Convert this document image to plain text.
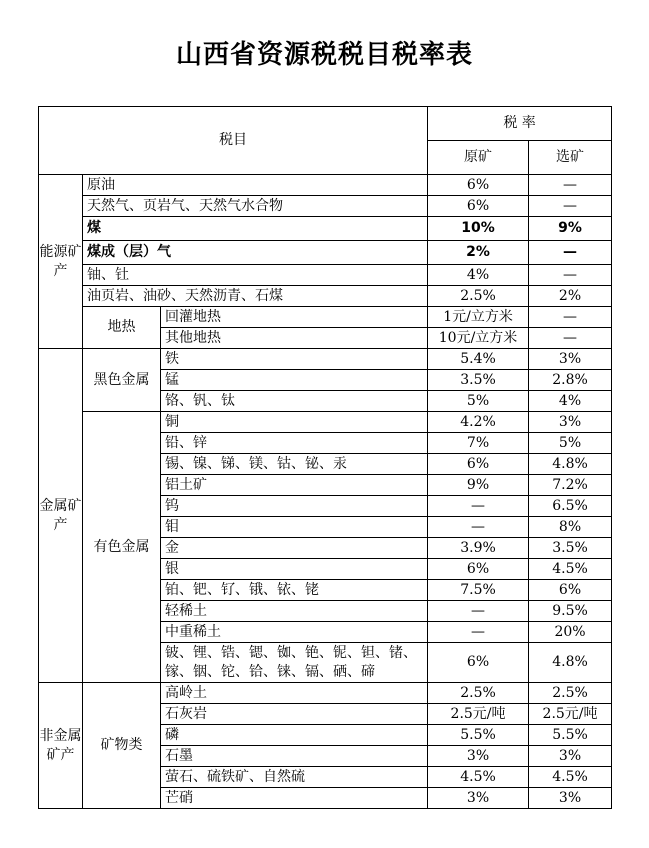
山西省资源税税目税率表
税目			税 率	
			原矿	选矿
能源矿产	原油		6%	—
	天然气、页岩气、天然气水合物		6%	—
	煤		10%	9%
	煤成（层）气		2%	—
	铀、钍		4%	—
	油页岩、油砂、天然沥青、石煤		2.5%	2%
	地热	回灌地热	1元/立方米	—
		其他地热	10元/立方米	—
金属矿产	黑色金属	铁	5.4%	3%
		锰	3.5%	2.8%
		铬、钒、钛	5%	4%
	有色金属	铜	4.2%	3%
		铅、锌	7%	5%
		锡、镍、锑、镁、钴、铋、汞	6%	4.8%
		铝土矿	9%	7.2%
		钨	—	6.5%
		钼	—	8%
		金	3.9%	3.5%
		银	6%	4.5%
		铂、钯、钌、锇、铱、铑	7.5%	6%
		轻稀土	—	9.5%
		中重稀土	—	20%
		铍、锂、锆、锶、铷、铯、铌、钽、锗、镓、铟、铊、铪、铼、镉、硒、碲	6%	4.8%
非金属矿产	矿物类	高岭土	2.5%	2.5%
		石灰岩	2.5元/吨	2.5元/吨
		磷	5.5%	5.5%
		石墨	3%	3%
		萤石、硫铁矿、自然硫	4.5%	4.5%
		芒硝	3%	3%
